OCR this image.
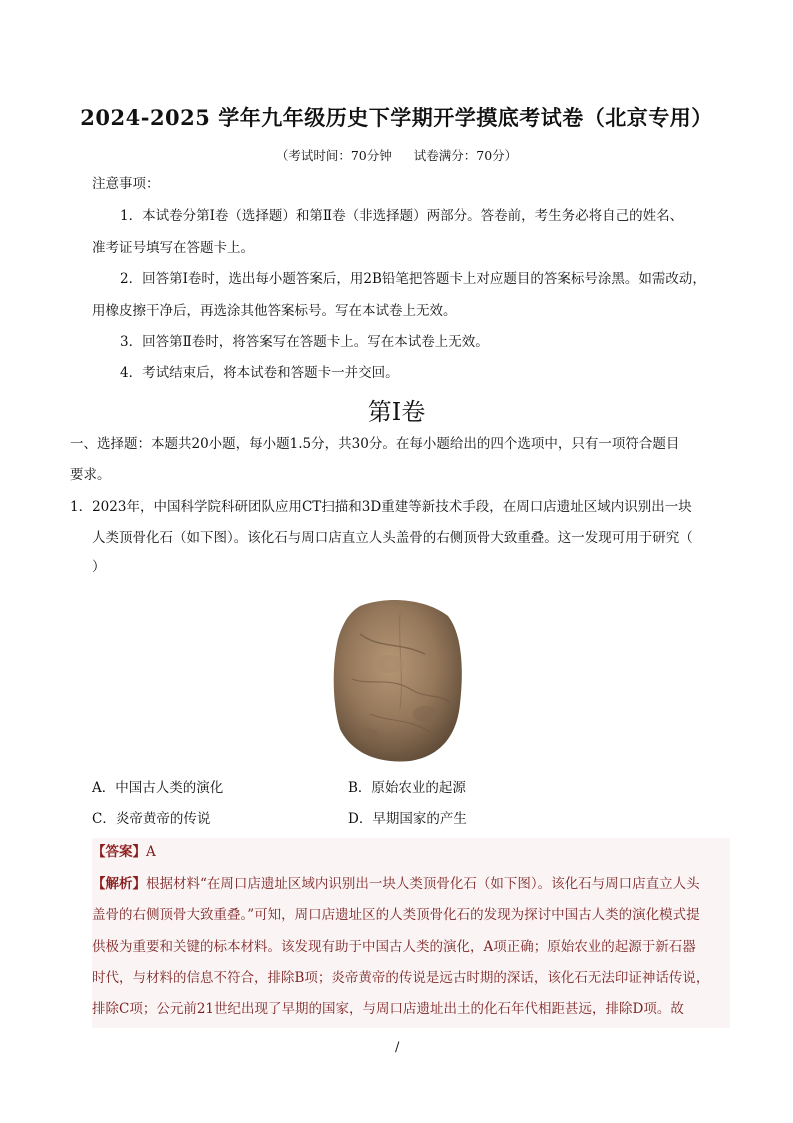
2024-2025 学年九年级历史下学期开学摸底考试卷（北京专用）
（考试时间：70分钟 试卷满分：70分）
注意事项：
1．本试卷分第Ⅰ卷（选择题）和第Ⅱ卷（非选择题）两部分。答卷前，考生务必将自己的姓名、
准考证号填写在答题卡上。
2．回答第Ⅰ卷时，选出每小题答案后，用2B铅笔把答题卡上对应题目的答案标号涂黑。如需改动，
用橡皮擦干净后，再选涂其他答案标号。写在本试卷上无效。
3．回答第Ⅱ卷时，将答案写在答题卡上。写在本试卷上无效。
4．考试结束后，将本试卷和答题卡一并交回。
第Ⅰ卷
一、选择题：本题共20小题，每小题1.5分，共30分。在每小题给出的四个选项中，只有一项符合题目
要求。
1．2023年，中国科学院科研团队应用CT扫描和3D重建等新技术手段，在周口店遗址区域内识别出一块
人类顶骨化石（如下图）。该化石与周口店直立人头盖骨的右侧顶骨大致重叠。这一发现可用于研究（
）
A．中国古人类的演化	B．原始农业的起源
C．炎帝黄帝的传说	D．早期国家的产生
【答案】A
【解析】根据材料“在周口店遗址区域内识别出一块人类顶骨化石（如下图）。该化石与周口店直立人头
盖骨的右侧顶骨大致重叠。”可知，周口店遗址区的人类顶骨化石的发现为探讨中国古人类的演化模式提
供极为重要和关键的标本材料。该发现有助于中国古人类的演化，A项正确；原始农业的起源于新石器
时代，与材料的信息不符合，排除B项；炎帝黄帝的传说是远古时期的深话，该化石无法印证神话传说，
排除C项；公元前21世纪出现了早期的国家，与周口店遗址出土的化石年代相距甚远，排除D项。故
/
